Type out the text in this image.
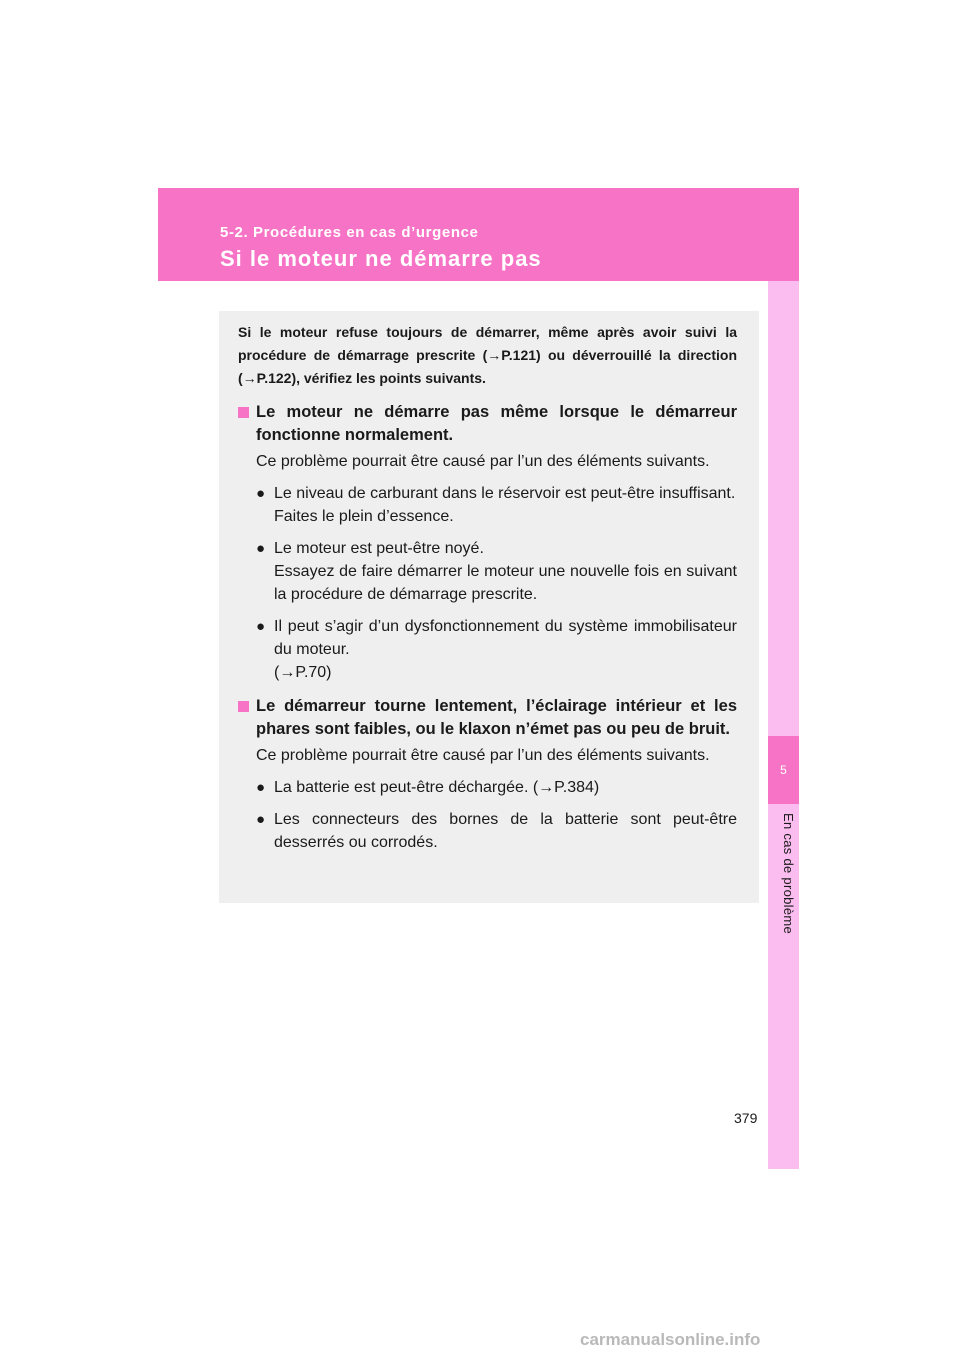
5-2. Procédures en cas d’urgence
Si le moteur ne démarre pas
5
En cas de problème

Si le moteur refuse toujours de démarrer, même après avoir suivi la procédure de démarrage prescrite (→P.121) ou déverrouillé la direction (→P.122), vérifiez les points suivants.

Le moteur ne démarre pas même lorsque le démarreur fonctionne normalement.
Ce problème pourrait être causé par l’un des éléments suivants.
● Le niveau de carburant dans le réservoir est peut-être insuffisant.
Faites le plein d’essence.
● Le moteur est peut-être noyé.
Essayez de faire démarrer le moteur une nouvelle fois en suivant la procédure de démarrage prescrite.
● Il peut s’agir d’un dysfonctionnement du système immobilisateur du moteur.
(→P.70)
Le démarreur tourne lentement, l’éclairage intérieur et les phares sont faibles, ou le klaxon n’émet pas ou peu de bruit.
Ce problème pourrait être causé par l’un des éléments suivants.
● La batterie est peut-être déchargée. (→P.384)
● Les connecteurs des bornes de la batterie sont peut-être desserrés ou corrodés.
379
carmanualsonline.info
